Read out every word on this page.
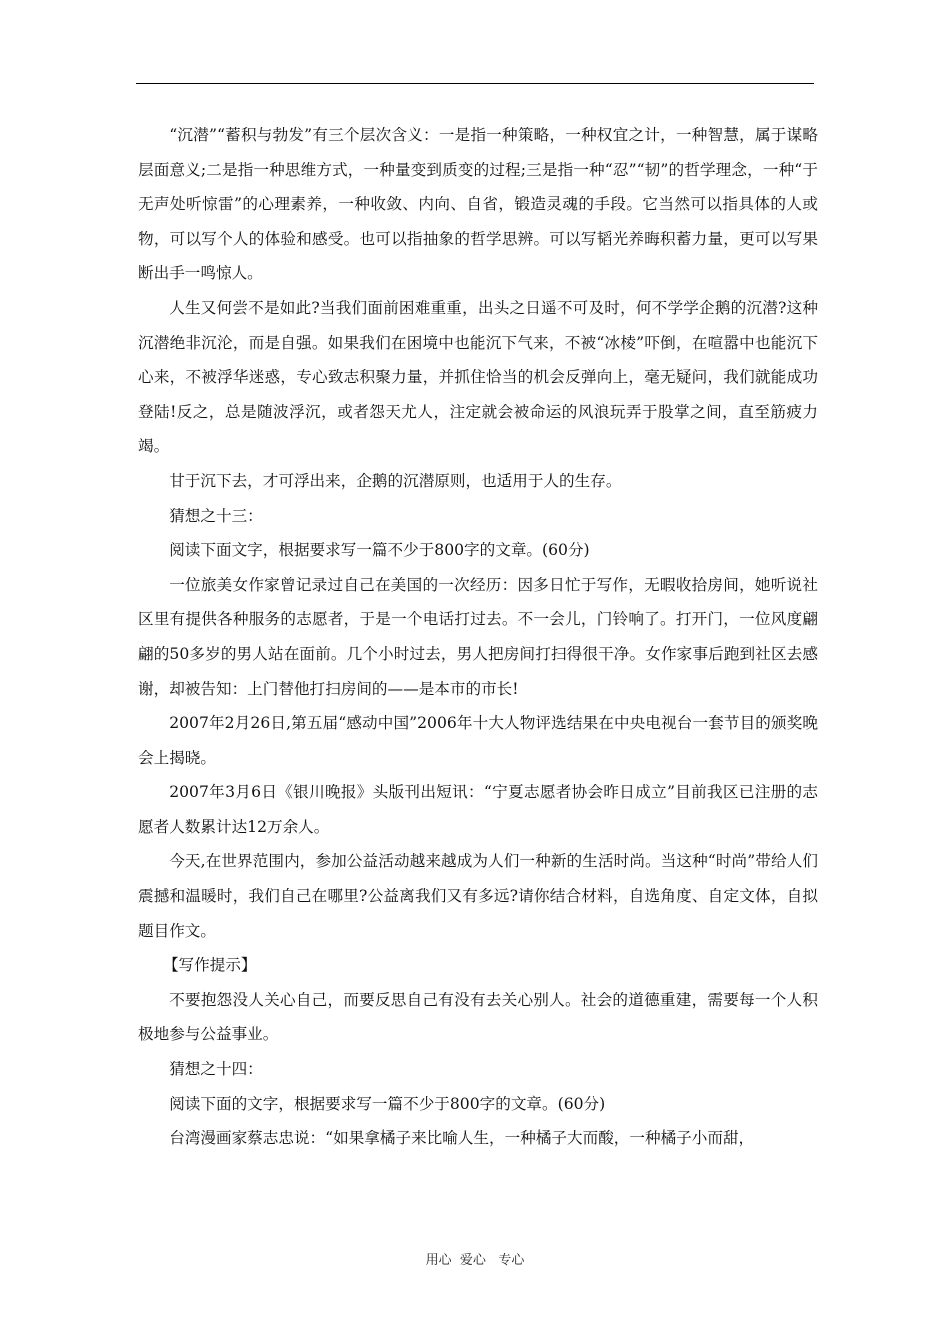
“沉潜”“蓄积与勃发”有三个层次含义：一是指一种策略，一种权宜之计，一种智慧，属于谋略层面意义;二是指一种思维方式，一种量变到质变的过程;三是指一种“忍”“韧”的哲学理念，一种“于无声处听惊雷”的心理素养，一种收敛、内向、自省，锻造灵魂的手段。它当然可以指具体的人或物，可以写个人的体验和感受。也可以指抽象的哲学思辨。可以写韬光养晦积蓄力量，更可以写果断出手一鸣惊人。

人生又何尝不是如此?当我们面前困难重重，出头之日遥不可及时，何不学学企鹅的沉潜?这种沉潜绝非沉沦，而是自强。如果我们在困境中也能沉下气来，不被“冰棱”吓倒，在喧嚣中也能沉下心来，不被浮华迷惑，专心致志积聚力量，并抓住恰当的机会反弹向上，毫无疑问，我们就能成功登陆!反之，总是随波浮沉，或者怨天尤人，注定就会被命运的风浪玩弄于股掌之间，直至筋疲力竭。

甘于沉下去，才可浮出来，企鹅的沉潜原则，也适用于人的生存。

猜想之十三：

阅读下面文字，根据要求写一篇不少于800字的文章。(60分)

一位旅美女作家曾记录过自己在美国的一次经历：因多日忙于写作，无暇收拾房间，她听说社区里有提供各种服务的志愿者，于是一个电话打过去。不一会儿，门铃响了。打开门，一位风度翩翩的50多岁的男人站在面前。几个小时过去，男人把房间打扫得很干净。女作家事后跑到社区去感谢，却被告知：上门替他打扫房间的——是本市的市长!

2007年2月26日,第五届“感动中国”2006年十大人物评选结果在中央电视台一套节目的颁奖晚会上揭晓。

2007年3月6日《银川晚报》头版刊出短讯：“宁夏志愿者协会昨日成立”目前我区已注册的志愿者人数累计达12万余人。

今天,在世界范围内，参加公益活动越来越成为人们一种新的生活时尚。当这种“时尚”带给人们震撼和温暖时，我们自己在哪里?公益离我们又有多远?请你结合材料，自选角度、自定文体，自拟题目作文。

【写作提示】

不要抱怨没人关心自己，而要反思自己有没有去关心别人。社会的道德重建，需要每一个人积极地参与公益事业。

猜想之十四：

阅读下面的文字，根据要求写一篇不少于800字的文章。(60分)

台湾漫画家蔡志忠说：“如果拿橘子来比喻人生，一种橘子大而酸，一种橘子小而甜，

用心  爱心   专心
